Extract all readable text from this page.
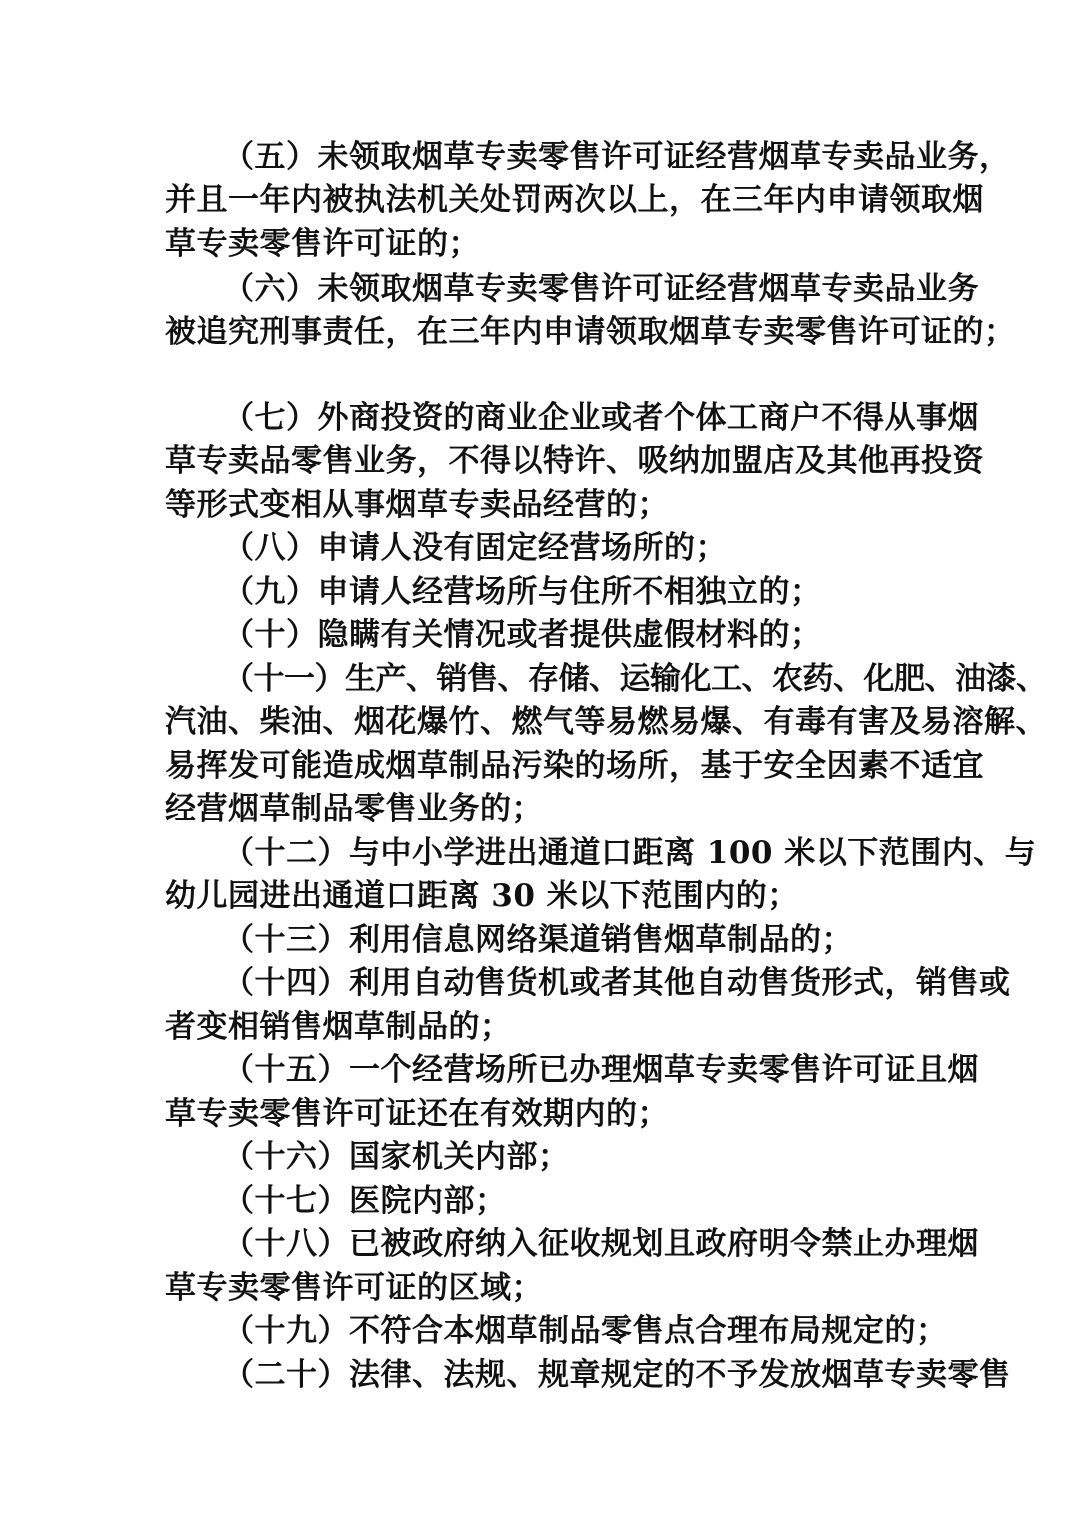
（五）未领取烟草专卖零售许可证经营烟草专卖品业务，
并且一年内被执法机关处罚两次以上，在三年内申请领取烟
草专卖零售许可证的；
（六）未领取烟草专卖零售许可证经营烟草专卖品业务
被追究刑事责任，在三年内申请领取烟草专卖零售许可证的；
（七）外商投资的商业企业或者个体工商户不得从事烟
草专卖品零售业务，不得以特许、吸纳加盟店及其他再投资
等形式变相从事烟草专卖品经营的；
（八）申请人没有固定经营场所的；
（九）申请人经营场所与住所不相独立的；
（十）隐瞒有关情况或者提供虚假材料的；
（十一）生产、销售、存储、运输化工、农药、化肥、油漆、
汽油、柴油、烟花爆竹、燃气等易燃易爆、有毒有害及易溶解、
易挥发可能造成烟草制品污染的场所，基于安全因素不适宜
经营烟草制品零售业务的；
（十二）与中小学进出通道口距离 100 米以下范围内、与
幼儿园进出通道口距离 30 米以下范围内的；
（十三）利用信息网络渠道销售烟草制品的；
（十四）利用自动售货机或者其他自动售货形式，销售或
者变相销售烟草制品的；
（十五）一个经营场所已办理烟草专卖零售许可证且烟
草专卖零售许可证还在有效期内的；
（十六）国家机关内部；
（十七）医院内部；
（十八）已被政府纳入征收规划且政府明令禁止办理烟
草专卖零售许可证的区域；
（十九）不符合本烟草制品零售点合理布局规定的；
（二十）法律、法规、规章规定的不予发放烟草专卖零售
